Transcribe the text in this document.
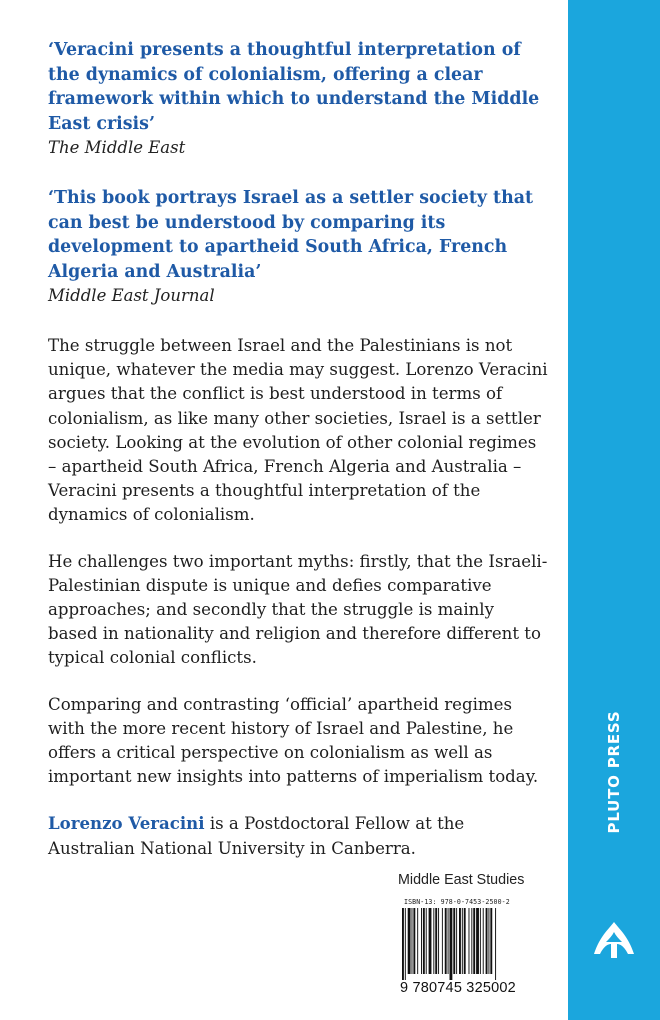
‘Veracini presents a thoughtful interpretation of the dynamics of colonialism, offering a clear framework within which to understand the Middle East crisis’

The Middle East

‘This book portrays Israel as a settler society that can best be understood by comparing its development to apartheid South Africa, French Algeria and Australia’

Middle East Journal

The struggle between Israel and the Palestinians is not unique, whatever the media may suggest. Lorenzo Veracini argues that the conflict is best understood in terms of colonialism, as like many other societies, Israel is a settler society. Looking at the evolution of other colonial regimes – apartheid South Africa, French Algeria and Australia – Veracini presents a thoughtful interpretation of the dynamics of colonialism.

He challenges two important myths: firstly, that the Israeli-Palestinian dispute is unique and defies comparative approaches; and secondly that the struggle is mainly based in nationality and religion and therefore different to typical colonial conflicts.

Comparing and contrasting ‘official’ apartheid regimes with the more recent history of Israel and Palestine, he offers a critical perspective on colonialism as well as important new insights into patterns of imperialism today.

Lorenzo Veracini is a Postdoctoral Fellow at the Australian National University in Canberra.

Middle East Studies
ISBN-13: 978-0-7453-2500-2
9 780745 325002
PLUTO PRESS
